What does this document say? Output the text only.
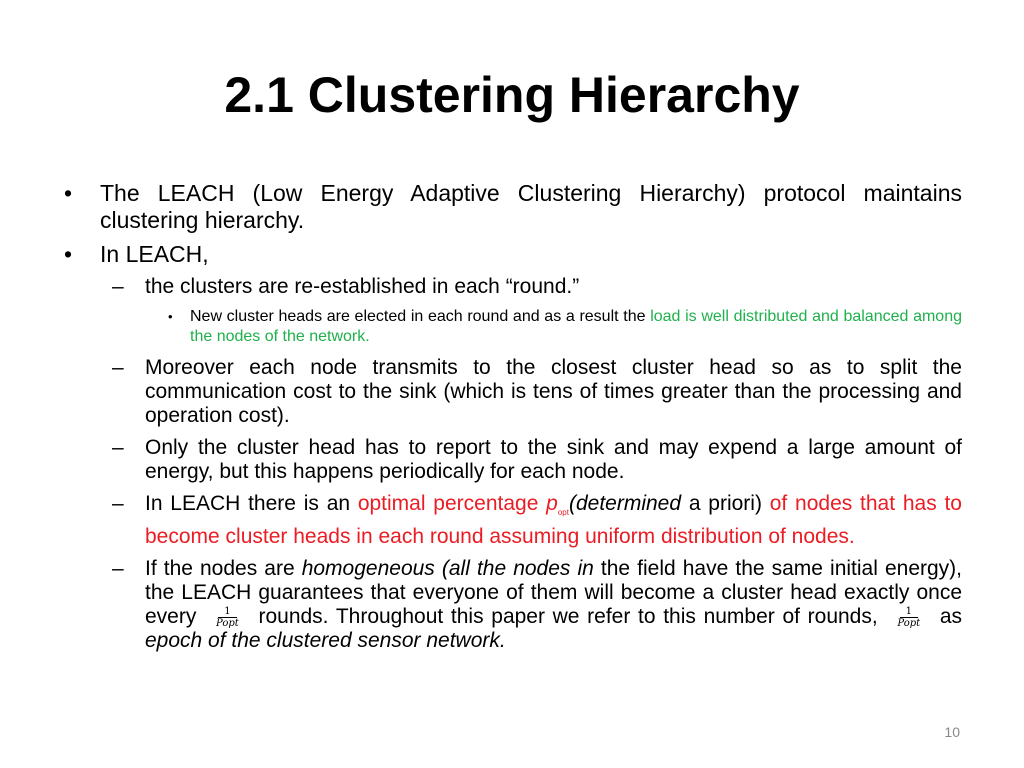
2.1 Clustering Hierarchy
• The LEACH (Low Energy Adaptive Clustering Hierarchy) protocol maintains clustering hierarchy.
• In LEACH,
– the clusters are re-established in each “round.”
• New cluster heads are elected in each round and as a result the load is well distributed and balanced among the nodes of the network.
– Moreover each node transmits to the closest cluster head so as to split the communication cost to the sink (which is tens of times greater than the processing and operation cost).
– Only the cluster head has to report to the sink and may expend a large amount of energy, but this happens periodically for each node.
– In LEACH there is an optimal percentage $p_{opt}(determined$ a priori) of nodes that has to become cluster heads in each round assuming uniform distribution of nodes.
– If the nodes are homogeneous (all the nodes in the field have the same initial energy), the LEACH guarantees that everyone of them will become a cluster head exactly once every $\frac{1}{\text{Popt}}$ rounds. Throughout this paper we refer to this number of rounds, $\frac{1}{\text{Popt}}$ as epoch of the clustered sensor network.
10
